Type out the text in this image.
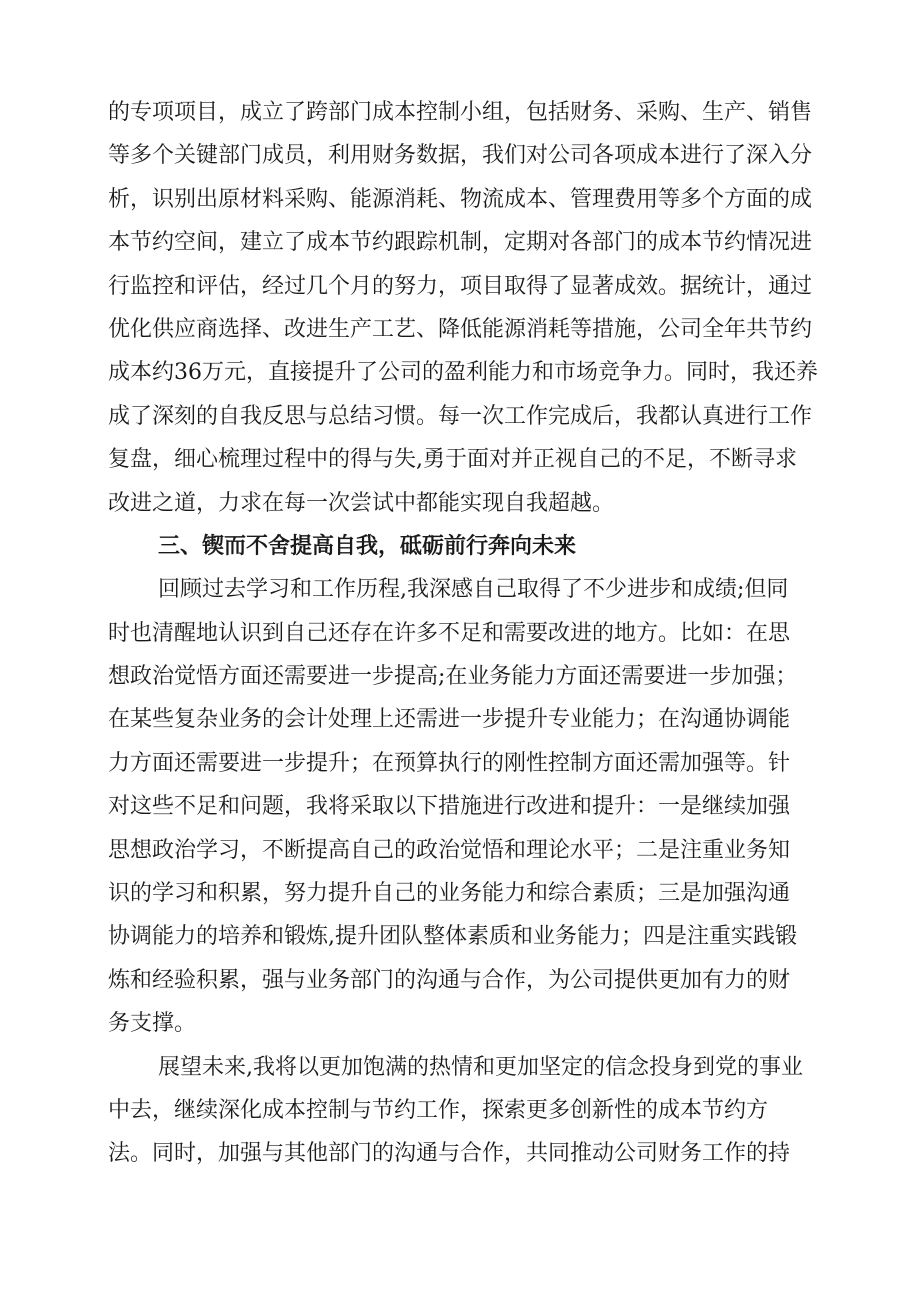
的专项项目，成立了跨部门成本控制小组，包括财务、采购、生产、销售
等多个关键部门成员，利用财务数据，我们对公司各项成本进行了深入分
析，识别出原材料采购、能源消耗、物流成本、管理费用等多个方面的成
本节约空间，建立了成本节约跟踪机制，定期对各部门的成本节约情况进
行监控和评估，经过几个月的努力，项目取得了显著成效。据统计，通过
优化供应商选择、改进生产工艺、降低能源消耗等措施，公司全年共节约
成本约36万元，直接提升了公司的盈利能力和市场竞争力。同时，我还养
成了深刻的自我反思与总结习惯。每一次工作完成后，我都认真进行工作
复盘，细心梳理过程中的得与失,勇于面对并正视自己的不足，不断寻求
改进之道，力求在每一次尝试中都能实现自我超越。
三、锲而不舍提高自我，砥砺前行奔向未来
回顾过去学习和工作历程,我深感自己取得了不少进步和成绩;但同
时也清醒地认识到自己还存在许多不足和需要改进的地方。比如：在思
想政治觉悟方面还需要进一步提高;在业务能力方面还需要进一步加强；
在某些复杂业务的会计处理上还需进一步提升专业能力；在沟通协调能
力方面还需要进一步提升；在预算执行的刚性控制方面还需加强等。针
对这些不足和问题，我将采取以下措施进行改进和提升：一是继续加强
思想政治学习，不断提高自己的政治觉悟和理论水平；二是注重业务知
识的学习和积累，努力提升自己的业务能力和综合素质；三是加强沟通
协调能力的培养和锻炼,提升团队整体素质和业务能力；四是注重实践锻
炼和经验积累，强与业务部门的沟通与合作，为公司提供更加有力的财
务支撑。
展望未来,我将以更加饱满的热情和更加坚定的信念投身到党的事业
中去，继续深化成本控制与节约工作，探索更多创新性的成本节约方
法。同时，加强与其他部门的沟通与合作，共同推动公司财务工作的持
